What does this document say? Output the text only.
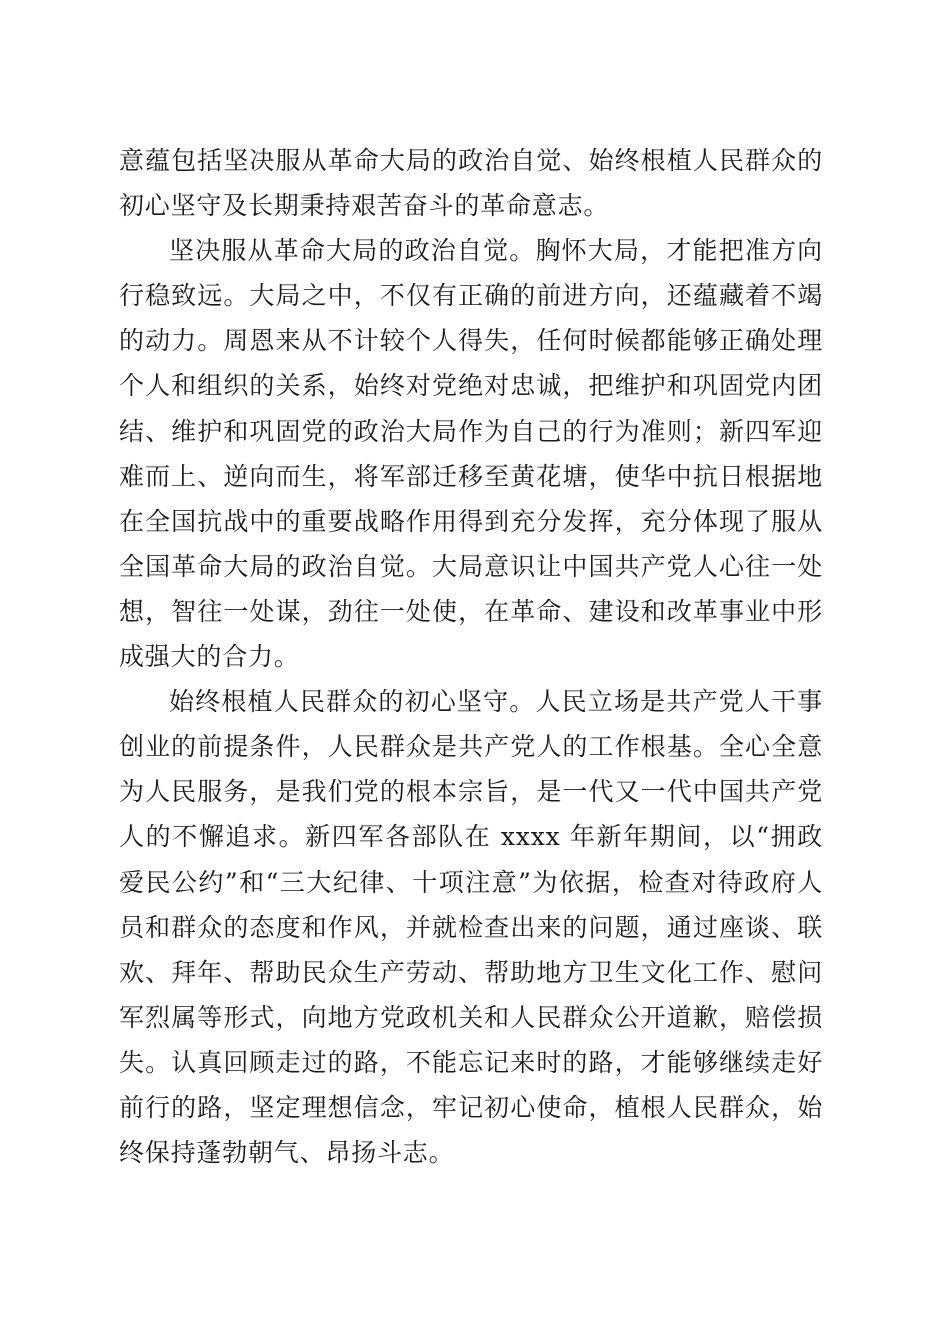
意蕴包括坚决服从革命大局的政治自觉、始终根植人民群众的初心坚守及长期秉持艰苦奋斗的革命意志。

坚决服从革命大局的政治自觉。胸怀大局，才能把准方向行稳致远。大局之中，不仅有正确的前进方向，还蕴藏着不竭的动力。周恩来从不计较个人得失，任何时候都能够正确处理个人和组织的关系，始终对党绝对忠诚，把维护和巩固党内团结、维护和巩固党的政治大局作为自己的行为准则；新四军迎难而上、逆向而生，将军部迁移至黄花塘，使华中抗日根据地在全国抗战中的重要战略作用得到充分发挥，充分体现了服从全国革命大局的政治自觉。大局意识让中国共产党人心往一处想，智往一处谋，劲往一处使，在革命、建设和改革事业中形成强大的合力。

始终根植人民群众的初心坚守。人民立场是共产党人干事创业的前提条件，人民群众是共产党人的工作根基。全心全意为人民服务，是我们党的根本宗旨，是一代又一代中国共产党人的不懈追求。新四军各部队在 xxxx 年新年期间，以“拥政爱民公约”和“三大纪律、十项注意”为依据，检查对待政府人员和群众的态度和作风，并就检查出来的问题，通过座谈、联欢、拜年、帮助民众生产劳动、帮助地方卫生文化工作、慰问军烈属等形式，向地方党政机关和人民群众公开道歉，赔偿损失。认真回顾走过的路，不能忘记来时的路，才能够继续走好前行的路，坚定理想信念，牢记初心使命，植根人民群众，始终保持蓬勃朝气、昂扬斗志。
